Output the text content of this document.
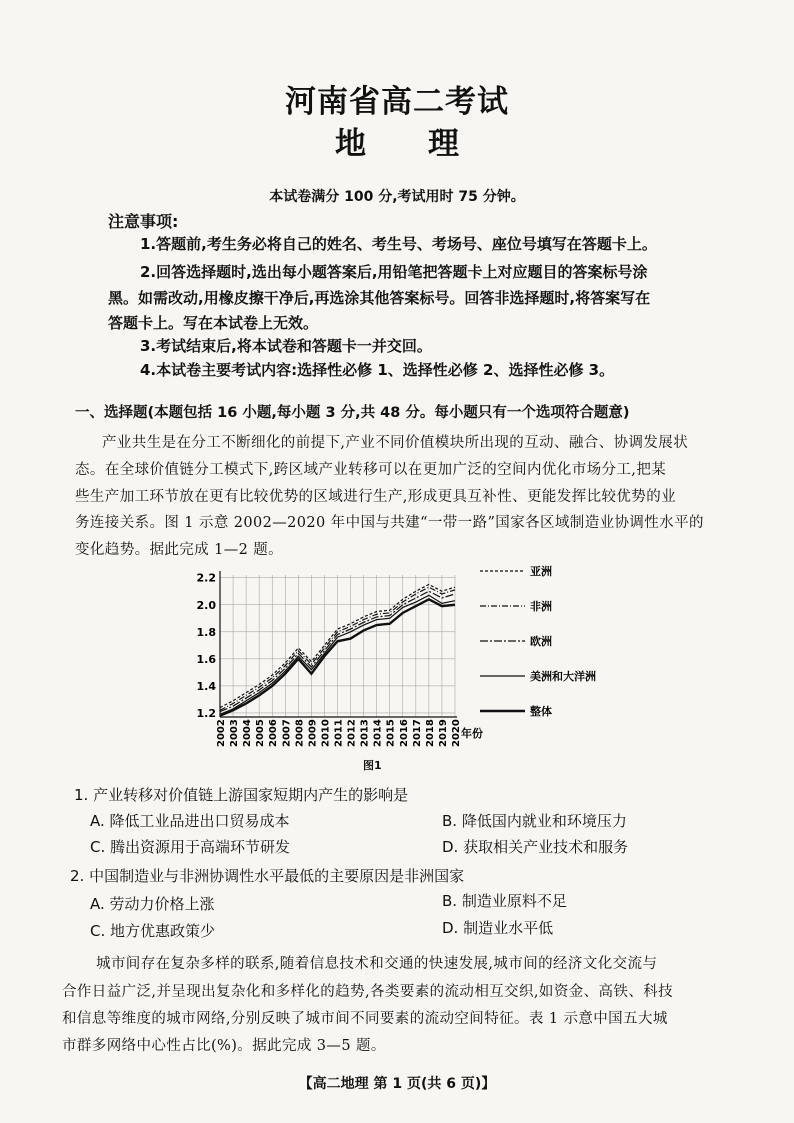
河南省高二考试
地理
本试卷满分 100 分,考试用时 75 分钟。
注意事项:
1.答题前,考生务必将自己的姓名、考生号、考场号、座位号填写在答题卡上。
2.回答选择题时,选出每小题答案后,用铅笔把答题卡上对应题目的答案标号涂
黑。如需改动,用橡皮擦干净后,再选涂其他答案标号。回答非选择题时,将答案写在
答题卡上。写在本试卷上无效。
3.考试结束后,将本试卷和答题卡一并交回。
4.本试卷主要考试内容:选择性必修 1、选择性必修 2、选择性必修 3。
一、选择题(本题包括 16 小题,每小题 3 分,共 48 分。每小题只有一个选项符合题意)
产业共生是在分工不断细化的前提下,产业不同价值模块所出现的互动、融合、协调发展状
态。在全球价值链分工模式下,跨区域产业转移可以在更加广泛的空间内优化市场分工,把某
些生产加工环节放在更有比较优势的区域进行生产,形成更具互补性、更能发挥比较优势的业
务连接关系。图 1 示意 2002—2020 年中国与共建“一带一路”国家各区域制造业协调性水平的
变化趋势。据此完成 1—2 题。
1.2
1.4
1.6
1.8
2.0
2.2
2002 2003 2004 2005 2006 2007 2008 2009 2010 2011 2012 2013 2014 2015 2016 2017 2018 2019 2020 年份
亚洲
非洲
欧洲
美洲和大洋洲
整体
图1
1. 产业转移对价值链上游国家短期内产生的影响是
A. 降低工业品进出口贸易成本	B. 降低国内就业和环境压力
C. 腾出资源用于高端环节研发	D. 获取相关产业技术和服务
2. 中国制造业与非洲协调性水平最低的主要原因是非洲国家
A. 劳动力价格上涨	B. 制造业原料不足
C. 地方优惠政策少	D. 制造业水平低
城市间存在复杂多样的联系,随着信息技术和交通的快速发展,城市间的经济文化交流与
合作日益广泛,并呈现出复杂化和多样化的趋势,各类要素的流动相互交织,如资金、高铁、科技
和信息等维度的城市网络,分别反映了城市间不同要素的流动空间特征。表 1 示意中国五大城
市群多网络中心性占比(%)。据此完成 3—5 题。
【高二地理 第 1 页(共 6 页)】
